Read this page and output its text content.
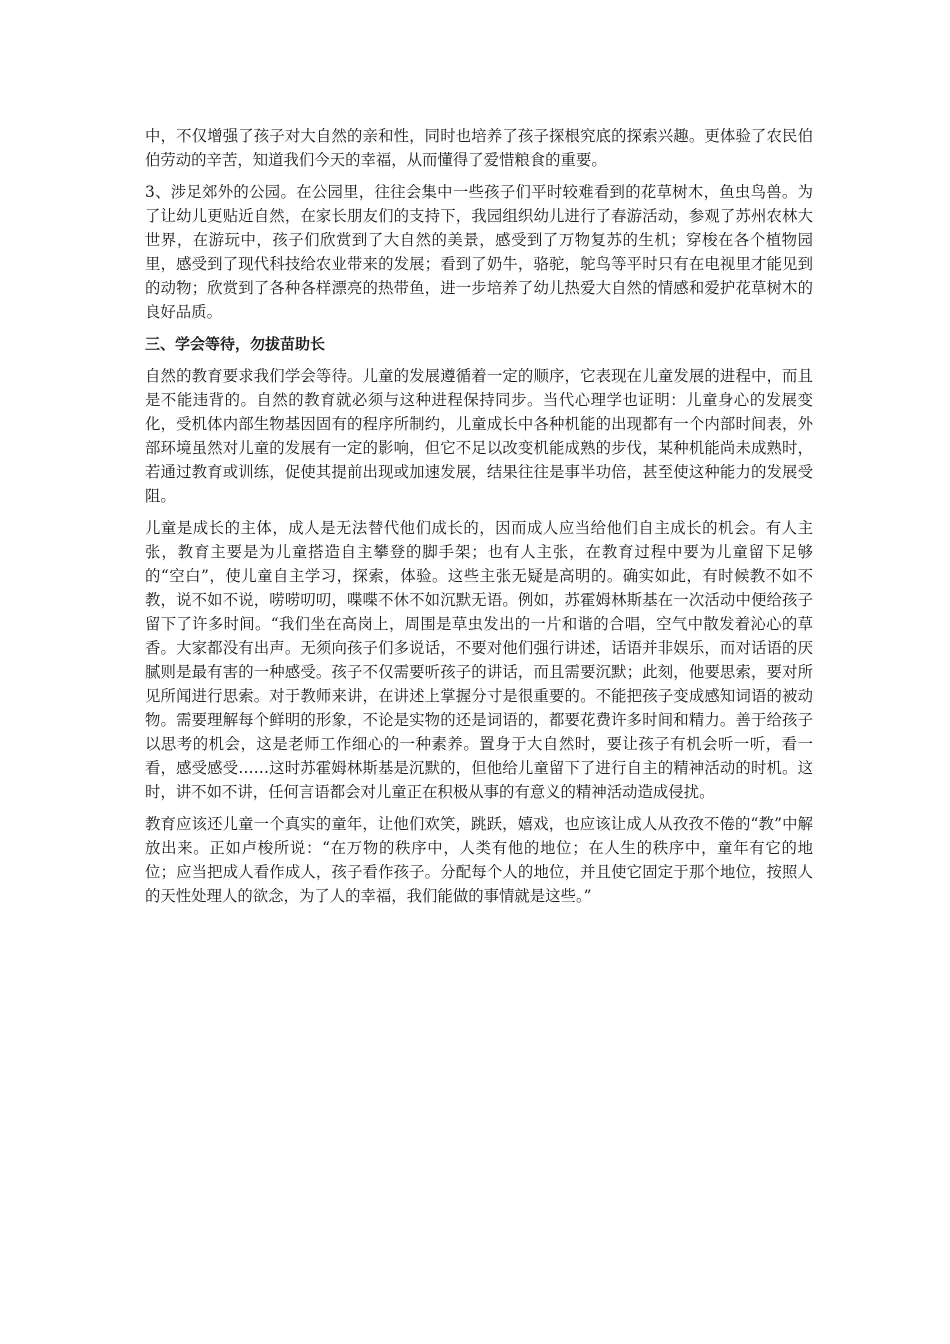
中，不仅增强了孩子对大自然的亲和性，同时也培养了孩子探根究底的探索兴趣。更体验了农民伯伯劳动的辛苦，知道我们今天的幸福，从而懂得了爱惜粮食的重要。

3、涉足郊外的公园。在公园里，往往会集中一些孩子们平时较难看到的花草树木，鱼虫鸟兽。为了让幼儿更贴近自然，在家长朋友们的支持下，我园组织幼儿进行了春游活动，参观了苏州农林大世界，在游玩中，孩子们欣赏到了大自然的美景，感受到了万物复苏的生机；穿梭在各个植物园里，感受到了现代科技给农业带来的发展；看到了奶牛，骆驼，鸵鸟等平时只有在电视里才能见到的动物；欣赏到了各种各样漂亮的热带鱼，进一步培养了幼儿热爱大自然的情感和爱护花草树木的良好品质。

三、学会等待，勿拔苗助长

自然的教育要求我们学会等待。儿童的发展遵循着一定的顺序，它表现在儿童发展的进程中，而且是不能违背的。自然的教育就必须与这种进程保持同步。当代心理学也证明：儿童身心的发展变化，受机体内部生物基因固有的程序所制约，儿童成长中各种机能的出现都有一个内部时间表，外部环境虽然对儿童的发展有一定的影响，但它不足以改变机能成熟的步伐，某种机能尚未成熟时，若通过教育或训练，促使其提前出现或加速发展，结果往往是事半功倍，甚至使这种能力的发展受阻。

儿童是成长的主体，成人是无法替代他们成长的，因而成人应当给他们自主成长的机会。有人主张，教育主要是为儿童搭造自主攀登的脚手架；也有人主张，在教育过程中要为儿童留下足够的“空白”，使儿童自主学习，探索，体验。这些主张无疑是高明的。确实如此，有时候教不如不教，说不如不说，唠唠叨叨，喋喋不休不如沉默无语。例如，苏霍姆林斯基在一次活动中便给孩子留下了许多时间。“我们坐在高岗上，周围是草虫发出的一片和谐的合唱，空气中散发着沁心的草香。大家都没有出声。无须向孩子们多说话，不要对他们强行讲述，话语并非娱乐，而对话语的厌腻则是最有害的一种感受。孩子不仅需要听孩子的讲话，而且需要沉默；此刻，他要思索，要对所见所闻进行思索。对于教师来讲，在讲述上掌握分寸是很重要的。不能把孩子变成感知词语的被动物。需要理解每个鲜明的形象，不论是实物的还是词语的，都要花费许多时间和精力。善于给孩子以思考的机会，这是老师工作细心的一种素养。置身于大自然时，要让孩子有机会听一听，看一看，感受感受……这时苏霍姆林斯基是沉默的，但他给儿童留下了进行自主的精神活动的时机。这时，讲不如不讲，任何言语都会对儿童正在积极从事的有意义的精神活动造成侵扰。

教育应该还儿童一个真实的童年，让他们欢笑，跳跃，嬉戏，也应该让成人从孜孜不倦的“教”中解放出来。正如卢梭所说：“在万物的秩序中，人类有他的地位；在人生的秩序中，童年有它的地位；应当把成人看作成人，孩子看作孩子。分配每个人的地位，并且使它固定于那个地位，按照人的天性处理人的欲念，为了人的幸福，我们能做的事情就是这些。”
